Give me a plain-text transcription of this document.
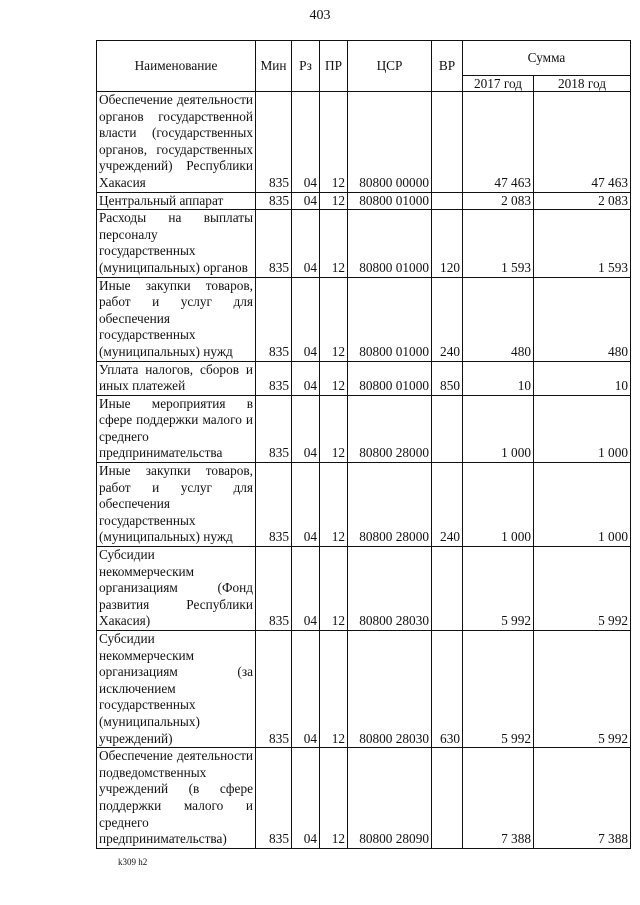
403
Наименование	Мин	Рз	ПР	ЦСР	ВР	Сумма	
						2017 год	2018 год
Обеспечение деятельности органов государственной власти (государственных органов, государственных учреждений) Республики Хакасия	835	04	12	80800 00000		47 463	47 463
Центральный аппарат	835	04	12	80800 01000		2 083	2 083
Расходы на выплаты персоналу государственных (муниципальных) органов	835	04	12	80800 01000	120	1 593	1 593
Иные закупки товаров, работ и услуг для обеспечения государственных (муниципальных) нужд	835	04	12	80800 01000	240	480	480
Уплата налогов, сборов и иных платежей	835	04	12	80800 01000	850	10	10
Иные мероприятия в сфере поддержки малого и среднего предпринимательства	835	04	12	80800 28000		1 000	1 000
Иные закупки товаров, работ и услуг для обеспечения государственных (муниципальных) нужд	835	04	12	80800 28000	240	1 000	1 000
Субсидии некоммерческим организациям (Фонд развития Республики Хакасия)	835	04	12	80800 28030		5 992	5 992
Субсидии некоммерческим организациям (за исключением государственных (муниципальных) учреждений)	835	04	12	80800 28030	630	5 992	5 992
Обеспечение деятельности подведомственных учреждений (в сфере поддержки малого и среднего предпринимательства)	835	04	12	80800 28090		7 388	7 388
k309 h2
